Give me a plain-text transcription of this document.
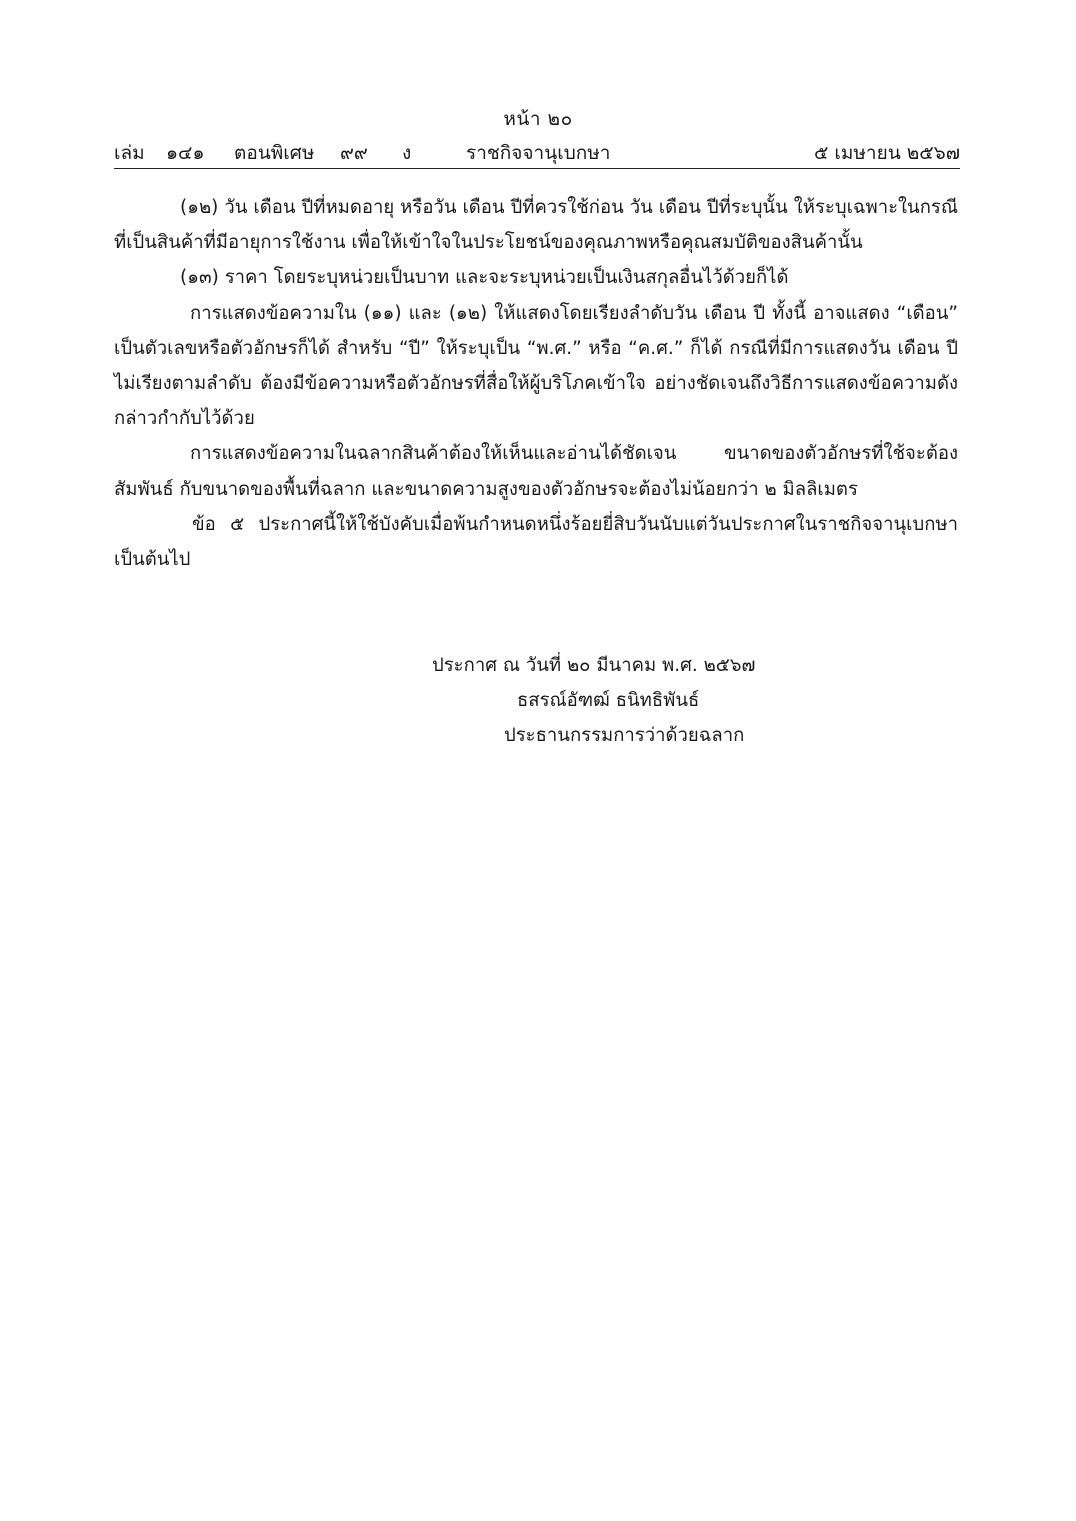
หน้า ๒๐
เล่ม ๑๔๑ ตอนพิเศษ ๙๙ ง	ราชกิจจานุเบกษา	๕ เมษายน ๒๕๖๗

(๑๒) วัน เดือน ปีที่หมดอายุ หรือวัน เดือน ปีที่ควรใช้ก่อน วัน เดือน ปีที่ระบุนั้น ให้ระบุเฉพาะในกรณีที่เป็นสินค้าที่มีอายุการใช้งาน เพื่อให้เข้าใจในประโยชน์ของคุณภาพหรือคุณสมบัติของสินค้านั้น

(๑๓) ราคา โดยระบุหน่วยเป็นบาท และจะระบุหน่วยเป็นเงินสกุลอื่นไว้ด้วยก็ได้

การแสดงข้อความใน (๑๑) และ (๑๒) ให้แสดงโดยเรียงลำดับวัน เดือน ปี ทั้งนี้ อาจแสดง “เดือน” เป็นตัวเลขหรือตัวอักษรก็ได้ สำหรับ “ปี” ให้ระบุเป็น “พ.ศ.” หรือ “ค.ศ.” ก็ได้ กรณีที่มีการแสดงวัน เดือน ปี ไม่เรียงตามลำดับ ต้องมีข้อความหรือตัวอักษรที่สื่อให้ผู้บริโภคเข้าใจ อย่างชัดเจนถึงวิธีการแสดงข้อความดังกล่าวกำกับไว้ด้วย

การแสดงข้อความในฉลากสินค้าต้องให้เห็นและอ่านได้ชัดเจน ขนาดของตัวอักษรที่ใช้จะต้องสัมพันธ์ กับขนาดของพื้นที่ฉลาก และขนาดความสูงของตัวอักษรจะต้องไม่น้อยกว่า ๒ มิลลิเมตร

ข้อ ๕ ประกาศนี้ให้ใช้บังคับเมื่อพ้นกำหนดหนึ่งร้อยยี่สิบวันนับแต่วันประกาศในราชกิจจานุเบกษา เป็นต้นไป

ประกาศ ณ วันที่ ๒๐ มีนาคม พ.ศ. ๒๕๖๗
ธสรณ์อัฑฒ์ ธนิทธิพันธ์
ประธานกรรมการว่าด้วยฉลาก
